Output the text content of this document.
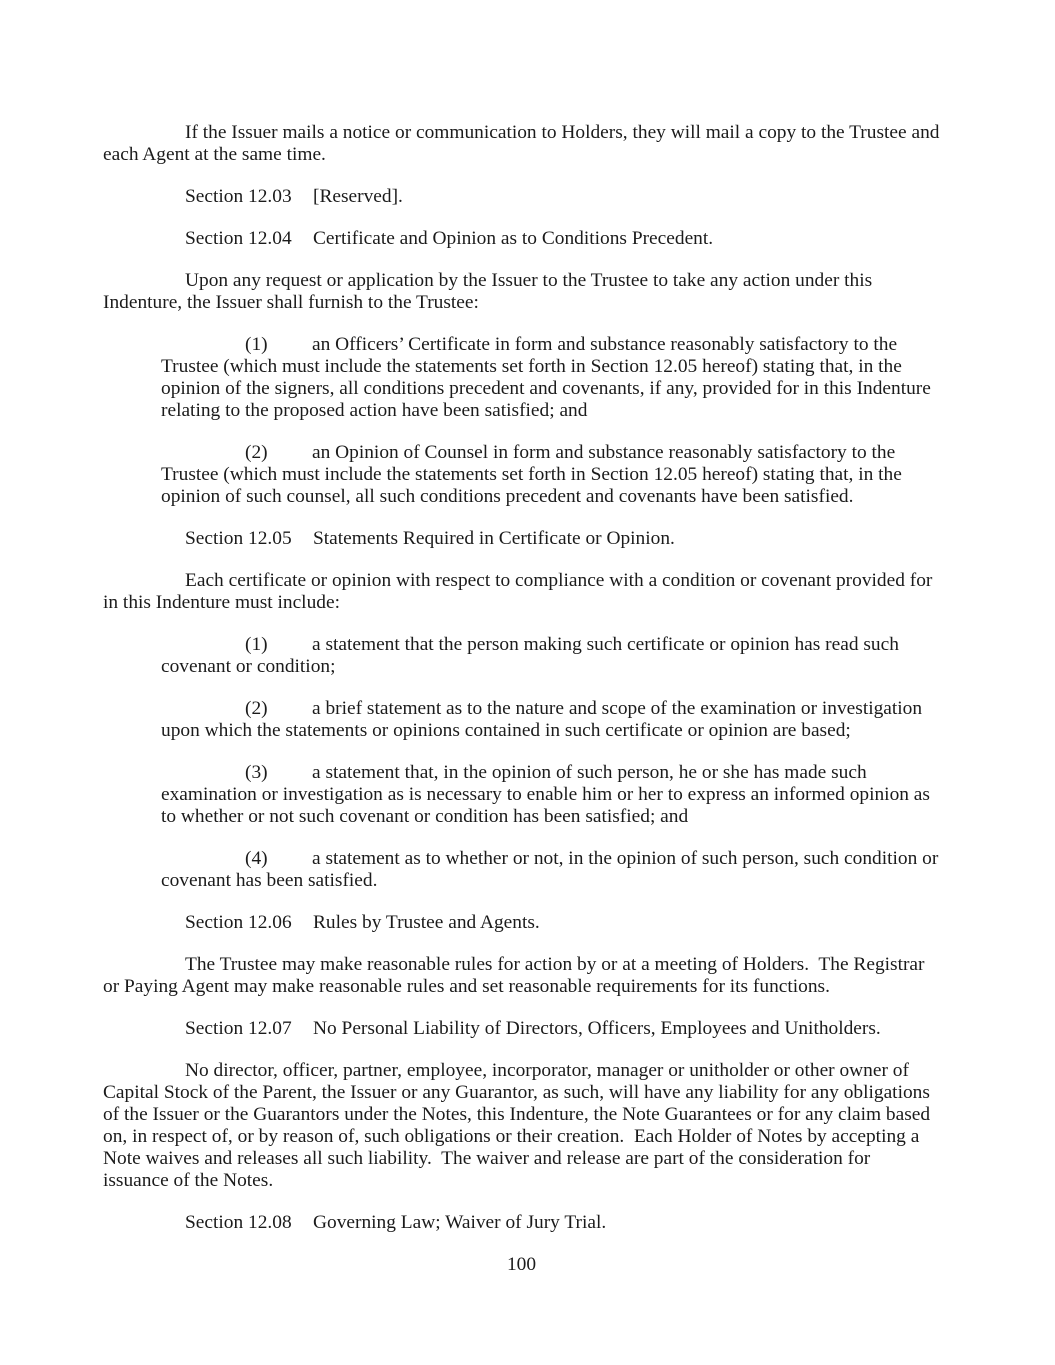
If the Issuer mails a notice or communication to Holders, they will mail a copy to the Trustee and each Agent at the same time.

Section 12.03 [Reserved].

Section 12.04 Certificate and Opinion as to Conditions Precedent.

Upon any request or application by the Issuer to the Trustee to take any action under this Indenture, the Issuer shall furnish to the Trustee:

(1) an Officers’ Certificate in form and substance reasonably satisfactory to the Trustee (which must include the statements set forth in Section 12.05 hereof) stating that, in the opinion of the signers, all conditions precedent and covenants, if any, provided for in this Indenture relating to the proposed action have been satisfied; and

(2) an Opinion of Counsel in form and substance reasonably satisfactory to the Trustee (which must include the statements set forth in Section 12.05 hereof) stating that, in the opinion of such counsel, all such conditions precedent and covenants have been satisfied.

Section 12.05 Statements Required in Certificate or Opinion.

Each certificate or opinion with respect to compliance with a condition or covenant provided for in this Indenture must include:

(1) a statement that the person making such certificate or opinion has read such covenant or condition;

(2) a brief statement as to the nature and scope of the examination or investigation upon which the statements or opinions contained in such certificate or opinion are based;

(3) a statement that, in the opinion of such person, he or she has made such examination or investigation as is necessary to enable him or her to express an informed opinion as to whether or not such covenant or condition has been satisfied; and

(4) a statement as to whether or not, in the opinion of such person, such condition or covenant has been satisfied.

Section 12.06 Rules by Trustee and Agents.

The Trustee may make reasonable rules for action by or at a meeting of Holders.  The Registrar or Paying Agent may make reasonable rules and set reasonable requirements for its functions.

Section 12.07 No Personal Liability of Directors, Officers, Employees and Unitholders.

No director, officer, partner, employee, incorporator, manager or unitholder or other owner of Capital Stock of the Parent, the Issuer or any Guarantor, as such, will have any liability for any obligations of the Issuer or the Guarantors under the Notes, this Indenture, the Note Guarantees or for any claim based on, in respect of, or by reason of, such obligations or their creation.  Each Holder of Notes by accepting a Note waives and releases all such liability.  The waiver and release are part of the consideration for issuance of the Notes.

Section 12.08 Governing Law; Waiver of Jury Trial.

100
